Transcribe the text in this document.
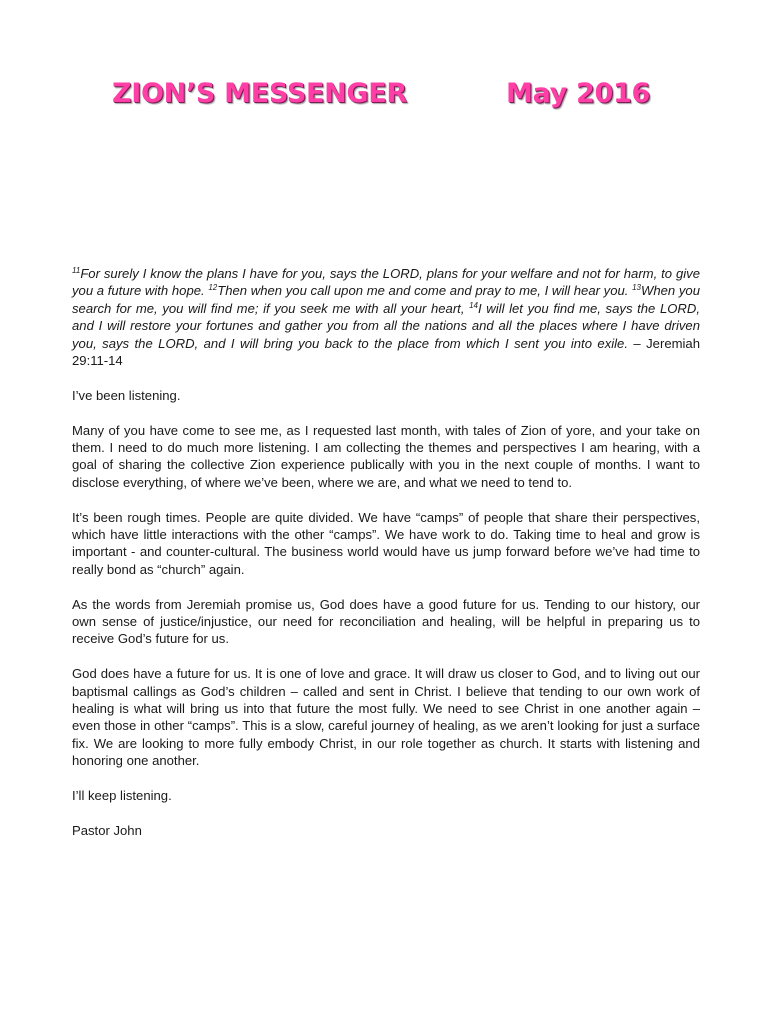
ZION’S MESSENGER	May 2016

$^{11}$For surely I know the plans I have for you, says the LORD, plans for your welfare and not for harm, to give you a future with hope. $^{12}$Then when you call upon me and come and pray to me, I will hear you. $^{13}$When you search for me, you will find me; if you seek me with all your heart, $^{14}$I will let you find me, says the LORD, and I will restore your fortunes and gather you from all the nations and all the places where I have driven you, says the LORD, and I will bring you back to the place from which I sent you into exile. – Jeremiah 29:11-14

I’ve been listening.

Many of you have come to see me, as I requested last month, with tales of Zion of yore, and your take on them. I need to do much more listening. I am collecting the themes and perspectives I am hearing, with a goal of sharing the collective Zion experience publically with you in the next couple of months. I want to disclose everything, of where we’ve been, where we are, and what we need to tend to.

It’s been rough times. People are quite divided. We have “camps” of people that share their perspectives, which have little interactions with the other “camps”. We have work to do. Taking time to heal and grow is important - and counter-cultural. The business world would have us jump forward before we’ve had time to really bond as “church” again.

As the words from Jeremiah promise us, God does have a good future for us. Tending to our history, our own sense of justice/injustice, our need for reconciliation and healing, will be helpful in preparing us to receive God’s future for us.

God does have a future for us. It is one of love and grace. It will draw us closer to God, and to living out our baptismal callings as God’s children – called and sent in Christ. I believe that tending to our own work of healing is what will bring us into that future the most fully. We need to see Christ in one another again – even those in other “camps”. This is a slow, careful journey of healing, as we aren’t looking for just a surface fix. We are looking to more fully embody Christ, in our role together as church. It starts with listening and honoring one another.

I’ll keep listening.

Pastor John
